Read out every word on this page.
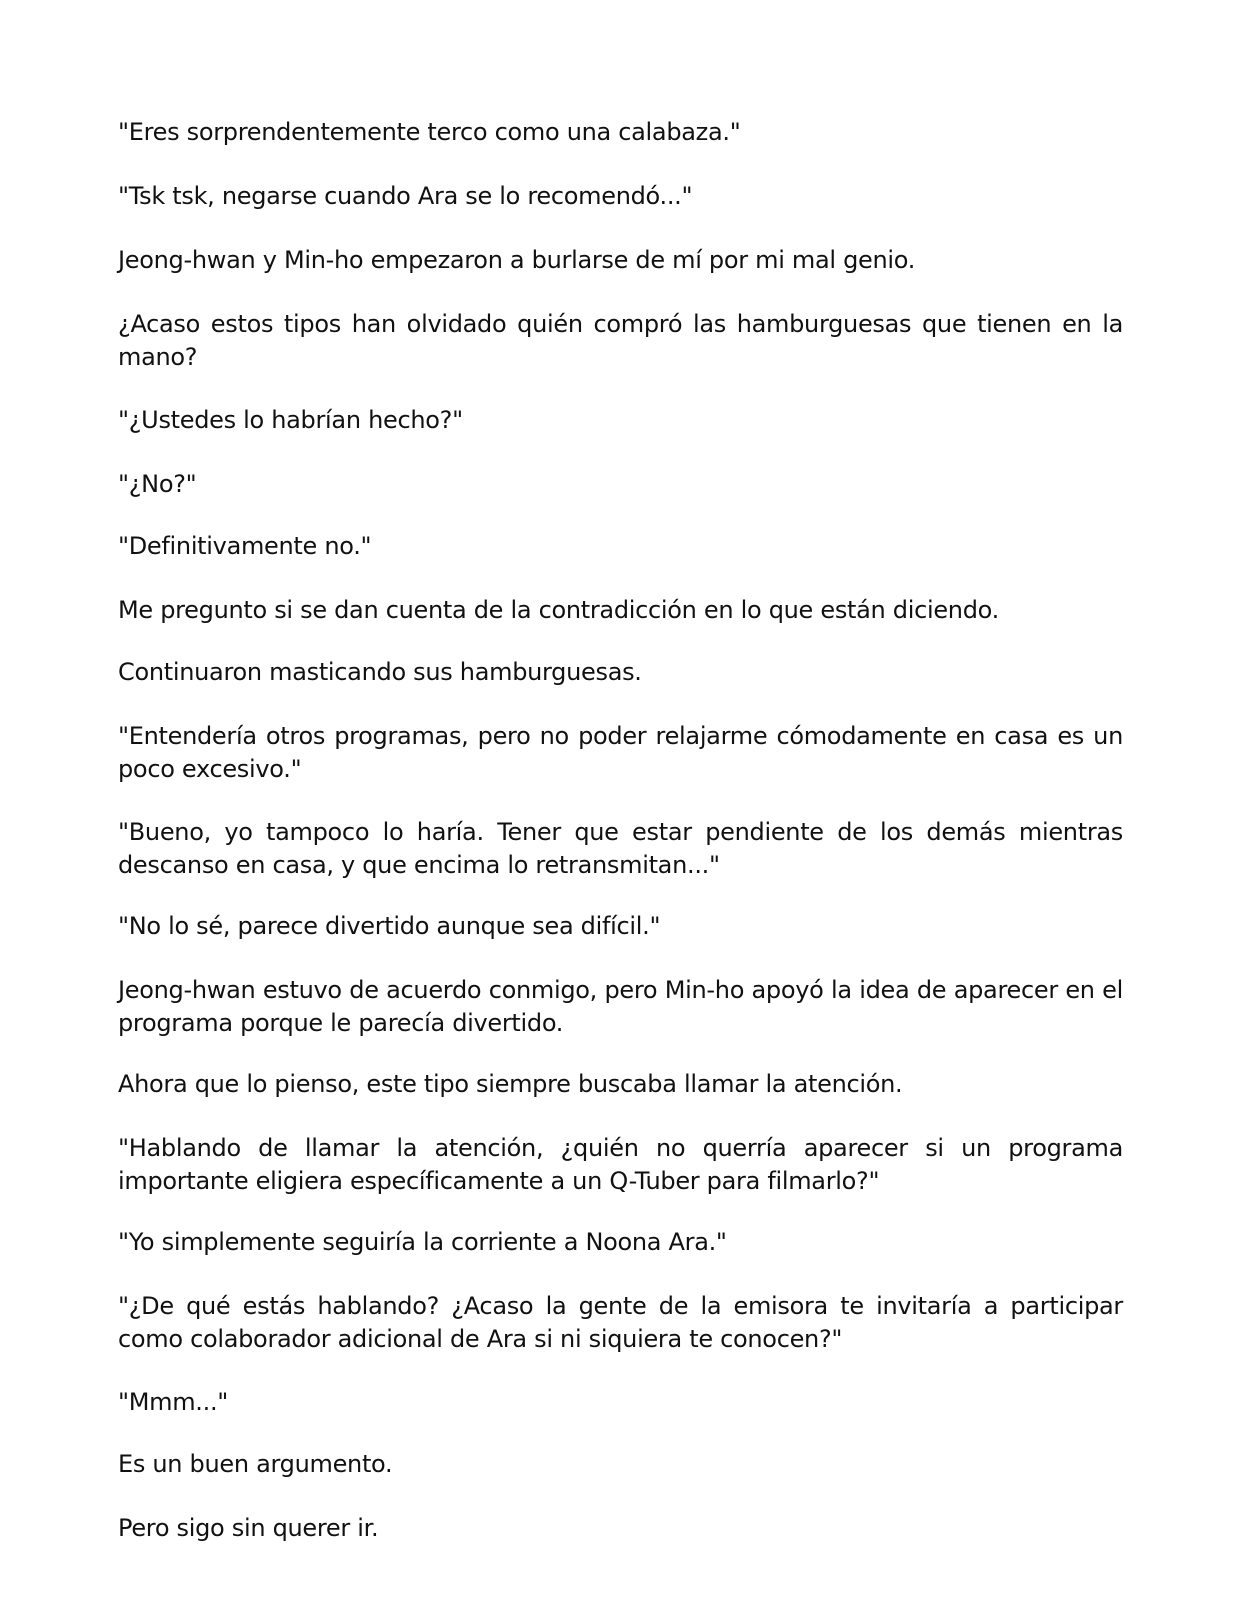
"Eres sorprendentemente terco como una calabaza."

"Tsk tsk, negarse cuando Ara se lo recomendó..."

Jeong-hwan y Min-ho empezaron a burlarse de mí por mi mal genio.

¿Acaso estos tipos han olvidado quién compró las hamburguesas que tienen en la mano?

"¿Ustedes lo habrían hecho?"

"¿No?"

"Definitivamente no."

Me pregunto si se dan cuenta de la contradicción en lo que están diciendo.

Continuaron masticando sus hamburguesas.

"Entendería otros programas, pero no poder relajarme cómodamente en casa es un poco excesivo."

"Bueno, yo tampoco lo haría. Tener que estar pendiente de los demás mientras descanso en casa, y que encima lo retransmitan..."

"No lo sé, parece divertido aunque sea difícil."

Jeong-hwan estuvo de acuerdo conmigo, pero Min-ho apoyó la idea de aparecer en el programa porque le parecía divertido.

Ahora que lo pienso, este tipo siempre buscaba llamar la atención.

"Hablando de llamar la atención, ¿quién no querría aparecer si un programa importante eligiera específicamente a un Q-Tuber para filmarlo?"

"Yo simplemente seguiría la corriente a Noona Ara."

"¿De qué estás hablando? ¿Acaso la gente de la emisora te invitaría a participar como colaborador adicional de Ara si ni siquiera te conocen?"

"Mmm..."

Es un buen argumento.

Pero sigo sin querer ir.
